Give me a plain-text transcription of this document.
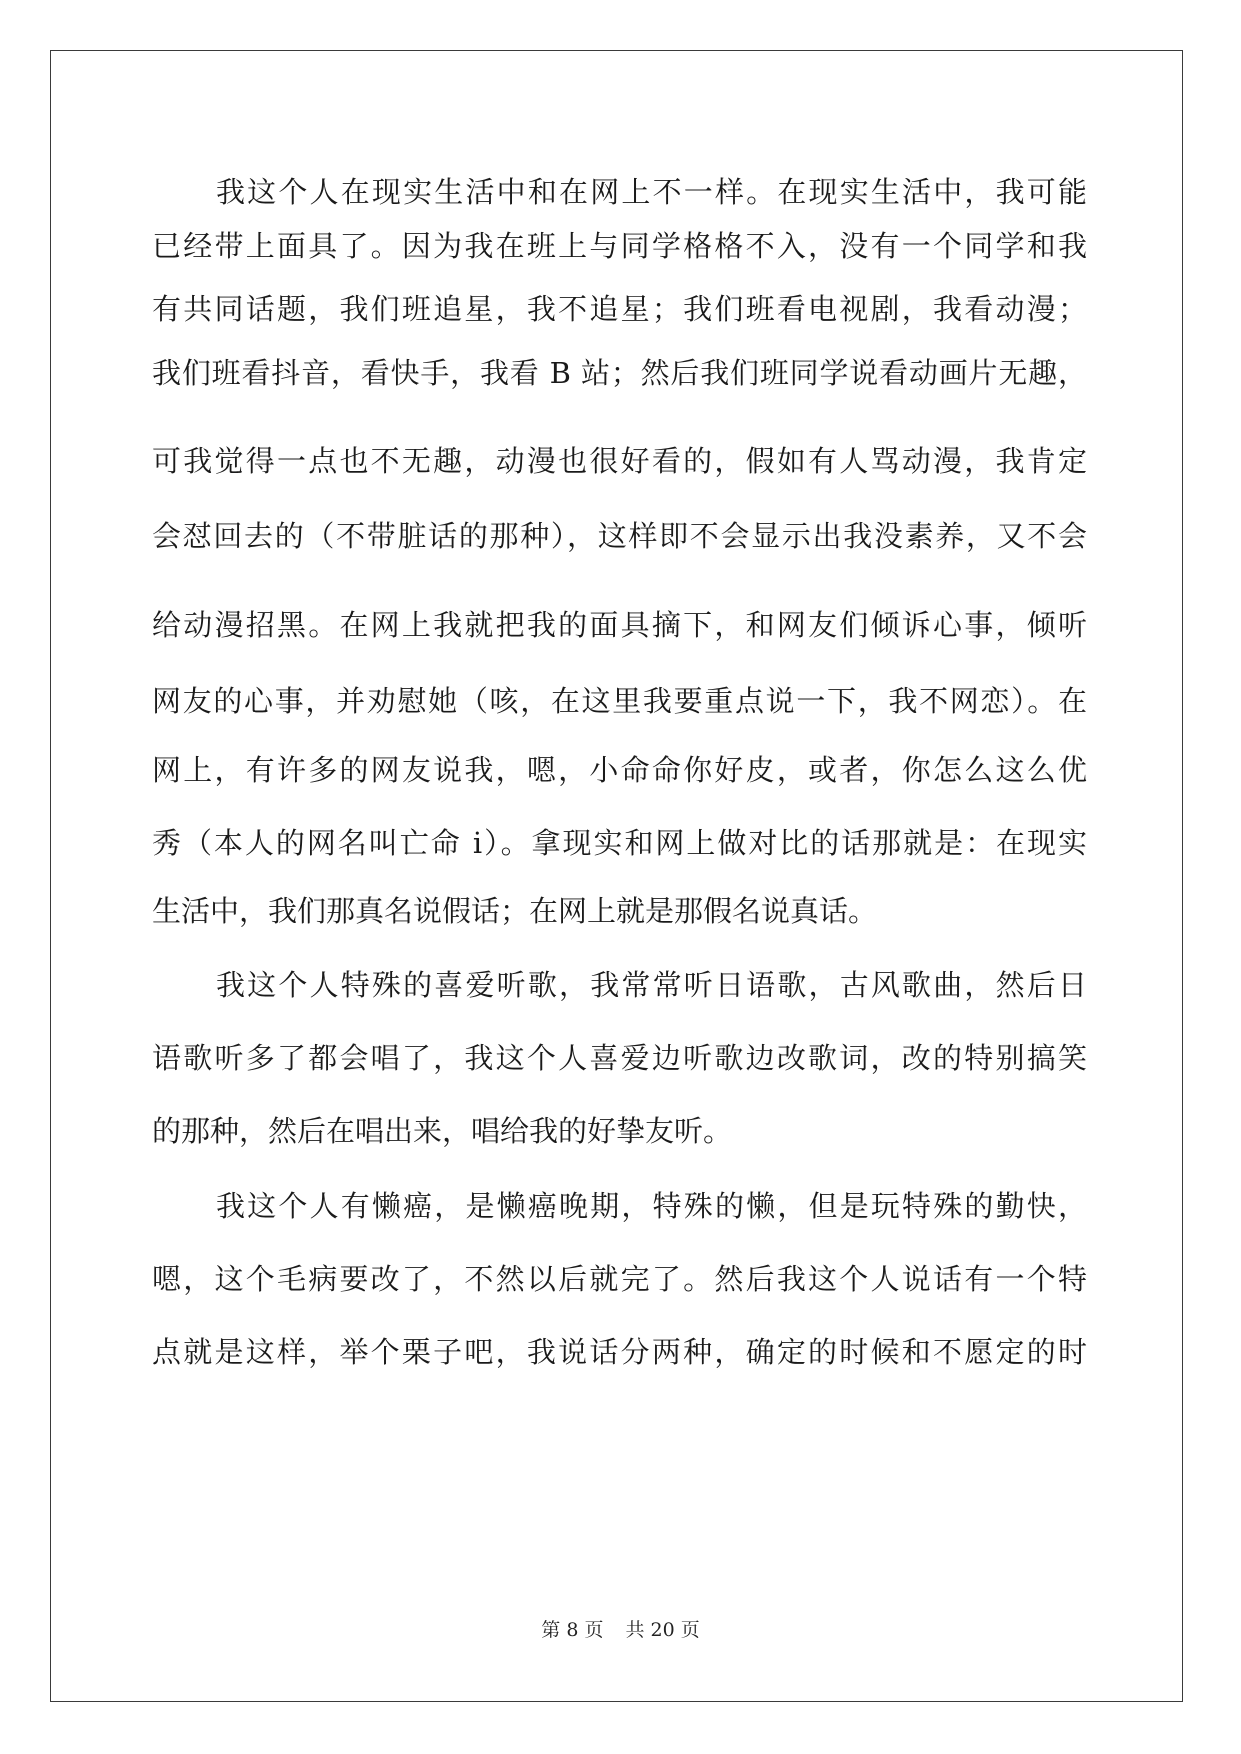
我这个人在现实生活中和在网上不一样。在现实生活中，我可能
已经带上面具了。因为我在班上与同学格格不入，没有一个同学和我
有共同话题，我们班追星，我不追星；我们班看电视剧，我看动漫；
我们班看抖音，看快手，我看 B 站；然后我们班同学说看动画片无趣，
可我觉得一点也不无趣，动漫也很好看的，假如有人骂动漫，我肯定
会怼回去的（不带脏话的那种），这样即不会显示出我没素养，又不会
给动漫招黑。在网上我就把我的面具摘下，和网友们倾诉心事，倾听
网友的心事，并劝慰她（咳，在这里我要重点说一下，我不网恋）。在
网上，有许多的网友说我，嗯，小命命你好皮，或者，你怎么这么优
秀（本人的网名叫亡命 i）。拿现实和网上做对比的话那就是：在现实
生活中，我们那真名说假话；在网上就是那假名说真话。
我这个人特殊的喜爱听歌，我常常听日语歌，古风歌曲，然后日
语歌听多了都会唱了，我这个人喜爱边听歌边改歌词，改的特别搞笑
的那种，然后在唱出来，唱给我的好挚友听。
我这个人有懒癌，是懒癌晚期，特殊的懒，但是玩特殊的勤快，
嗯，这个毛病要改了，不然以后就完了。然后我这个人说话有一个特
点就是这样，举个栗子吧，我说话分两种，确定的时候和不愿定的时
第 8 页 共 20 页
